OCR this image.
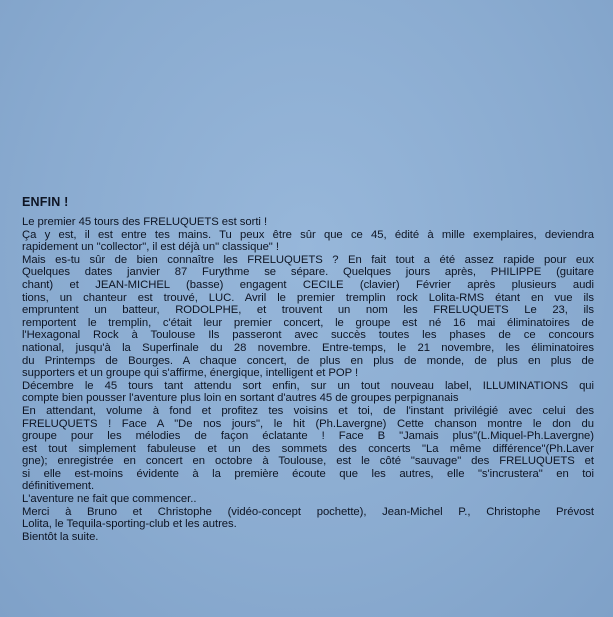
ENFIN !
Le premier 45 tours des FRELUQUETS est sorti !
Ça y est, il est entre tes mains. Tu peux être sûr que ce 45, édité à mille exemplaires, deviendra
rapidement un "collector", il est déjà un" classique" !
Mais es-tu sûr de bien connaître les FRELUQUETS ? En fait tout a été assez rapide pour eux
Quelques dates janvier 87 Furythme se sépare. Quelques jours après, PHILIPPE (guitare
chant) et JEAN-MICHEL (basse) engagent CECILE (clavier) Février après plusieurs audi
tions, un chanteur est trouvé, LUC. Avril le premier tremplin rock Lolita-RMS étant en vue ils
empruntent un batteur, RODOLPHE, et trouvent un nom les FRELUQUETS Le 23, ils
remportent le tremplin, c'était leur premier concert, le groupe est né 16 mai éliminatoires de
l'Hexagonal Rock à Toulouse Ils passeront avec succès toutes les phases de ce concours
national, jusqu'à la Superfinale du 28 novembre. Entre-temps, le 21 novembre, les éliminatoires
du Printemps de Bourges. A chaque concert, de plus en plus de monde, de plus en plus de
supporters et un groupe qui s'affirme, énergique, intelligent et POP !
Décembre le 45 tours tant attendu sort enfin, sur un tout nouveau label, ILLUMINATIONS qui
compte bien pousser l'aventure plus loin en sortant d'autres 45 de groupes perpignanais
En attendant, volume à fond et profitez tes voisins et toi, de l'instant privilégié avec celui des
FRELUQUETS ! Face A "De nos jours", le hit (Ph.Lavergne) Cette chanson montre le don du
groupe pour les mélodies de façon éclatante ! Face B "Jamais plus"(L.Miquel-Ph.Lavergne)
est tout simplement fabuleuse et un des sommets des concerts "La même différence"(Ph.Laver
gne); enregistrée en concert en octobre à Toulouse, est le côté "sauvage" des FRELUQUETS et
si elle est-moins évidente à la première écoute que les autres, elle "s'incrustera" en toi
définitivement.
L'aventure ne fait que commencer..
Merci à Bruno et Christophe (vidéo-concept pochette), Jean-Michel P., Christophe Prévost
Lolita, le Tequila-sporting-club et les autres.
Bientôt la suite.
